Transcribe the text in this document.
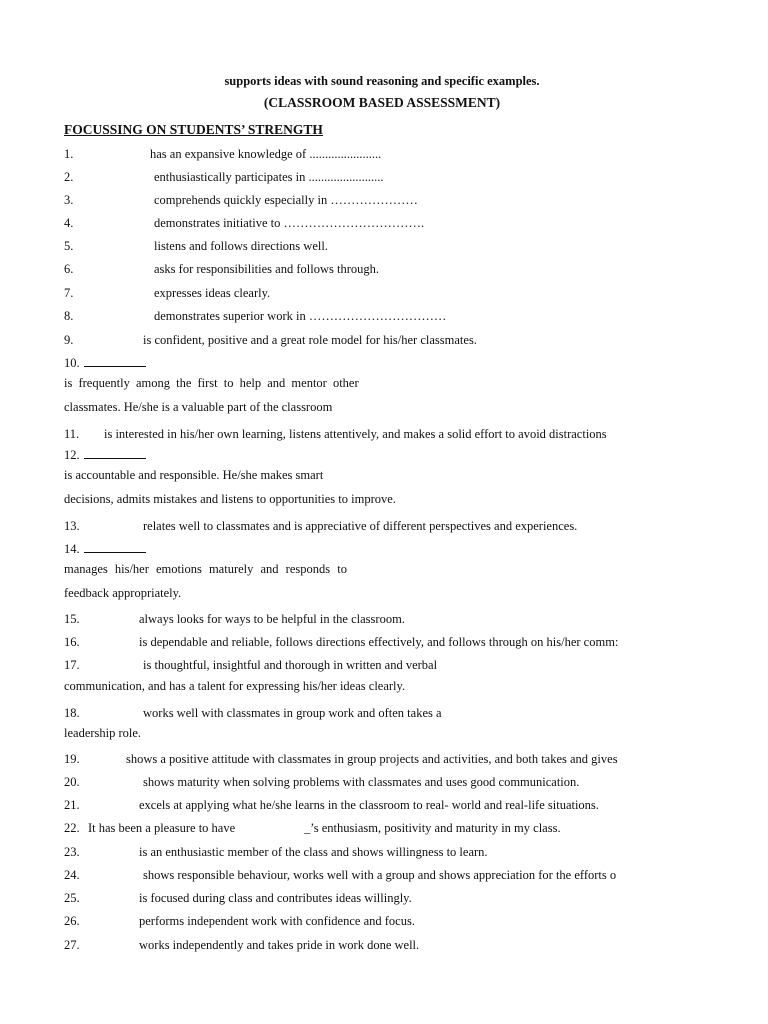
supports ideas with sound reasoning and specific examples.
(CLASSROOM BASED ASSESSMENT)
FOCUSSING ON STUDENTS’ STRENGTH
1.	has an expansive knowledge of .......................
2.	enthusiastically participates in ........................
3.	comprehends quickly especially in …………………
4.	demonstrates initiative to …………………………….
5.	listens and follows directions well.
6.	asks for responsibilities and follows through.
7.	expresses ideas clearly.
8.	demonstrates superior work in ……………………………
9.	is confident, positive and a great role model for his/her classmates.
10.
is frequently among the first to help and mentor other
classmates. He/she is a valuable part of the classroom
11. is interested in his/her own learning, listens attentively, and makes a solid effort to avoid distractions
12.
is accountable and responsible. He/she makes smart
decisions, admits mistakes and listens to opportunities to improve.
13.	relates well to classmates and is appreciative of different perspectives and experiences.
14.
manages his/her emotions maturely and responds to
feedback appropriately.
15.	always looks for ways to be helpful in the classroom.
16.	is dependable and reliable, follows directions effectively, and follows through on his/her comm:
17.	is thoughtful, insightful and thorough in written and verbal
communication, and has a talent for expressing his/her ideas clearly.
18.	works well with classmates in group work and often takes a
leadership role.
19.	shows a positive attitude with classmates in group projects and activities, and both takes and gives
20.	shows maturity when solving problems with classmates and uses good communication.
21.	excels at applying what he/she learns in the classroom to real- world and real-life situations.
22. It has been a pleasure to have	_’s enthusiasm, positivity and maturity in my class.
23.	is an enthusiastic member of the class and shows willingness to learn.
24.	shows responsible behaviour, works well with a group and shows appreciation for the efforts o
25.	is focused during class and contributes ideas willingly.
26.	performs independent work with confidence and focus.
27.	works independently and takes pride in work done well.
